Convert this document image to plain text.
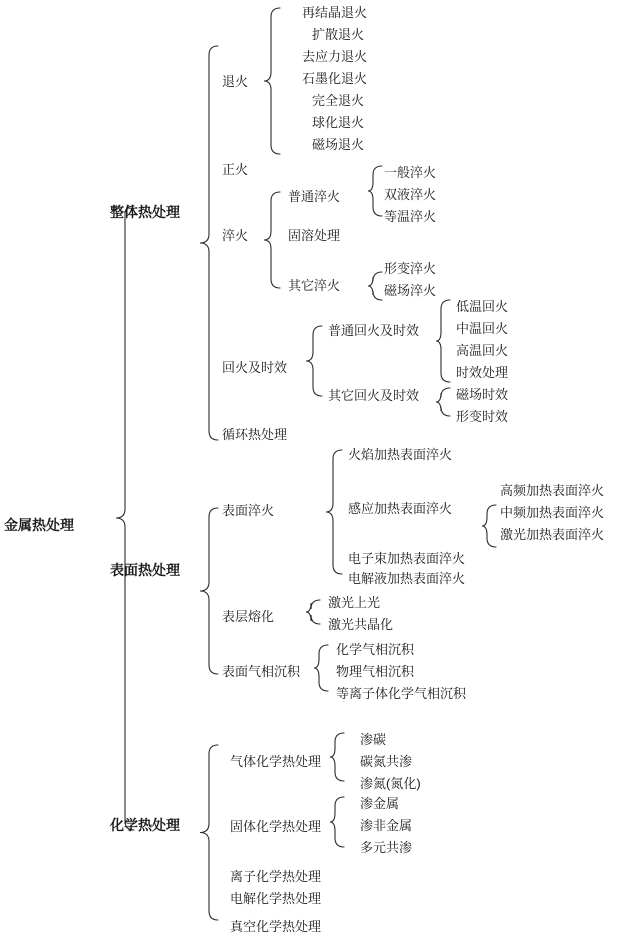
金属热处理
整体热处理
退火
再结晶退火
扩散退火
去应力退火
石墨化退火
完全退火
球化退火
磁场退火
正火
淬火
普通淬火
一般淬火
双液淬火
等温淬火
固溶处理
其它淬火
形变淬火
磁场淬火
回火及时效
普通回火及时效
低温回火
中温回火
高温回火
时效处理
其它回火及时效	磁场时效
形变时效
循环热处理
表面热处理
表面淬火
火焰加热表面淬火
感应加热表面淬火
高频加热表面淬火
中频加热表面淬火
激光加热表面淬火
电子束加热表面淬火
电解液加热表面淬火
表层熔化
激光上光
激光共晶化
表面气相沉积
化学气相沉积
物理气相沉积
等离子体化学气相沉积
化学热处理
气体化学热处理
渗碳
碳氮共渗
渗氮(氮化)
固体化学热处理
渗金属
渗非金属
多元共渗
离子化学热处理
电解化学热处理
真空化学热处理
